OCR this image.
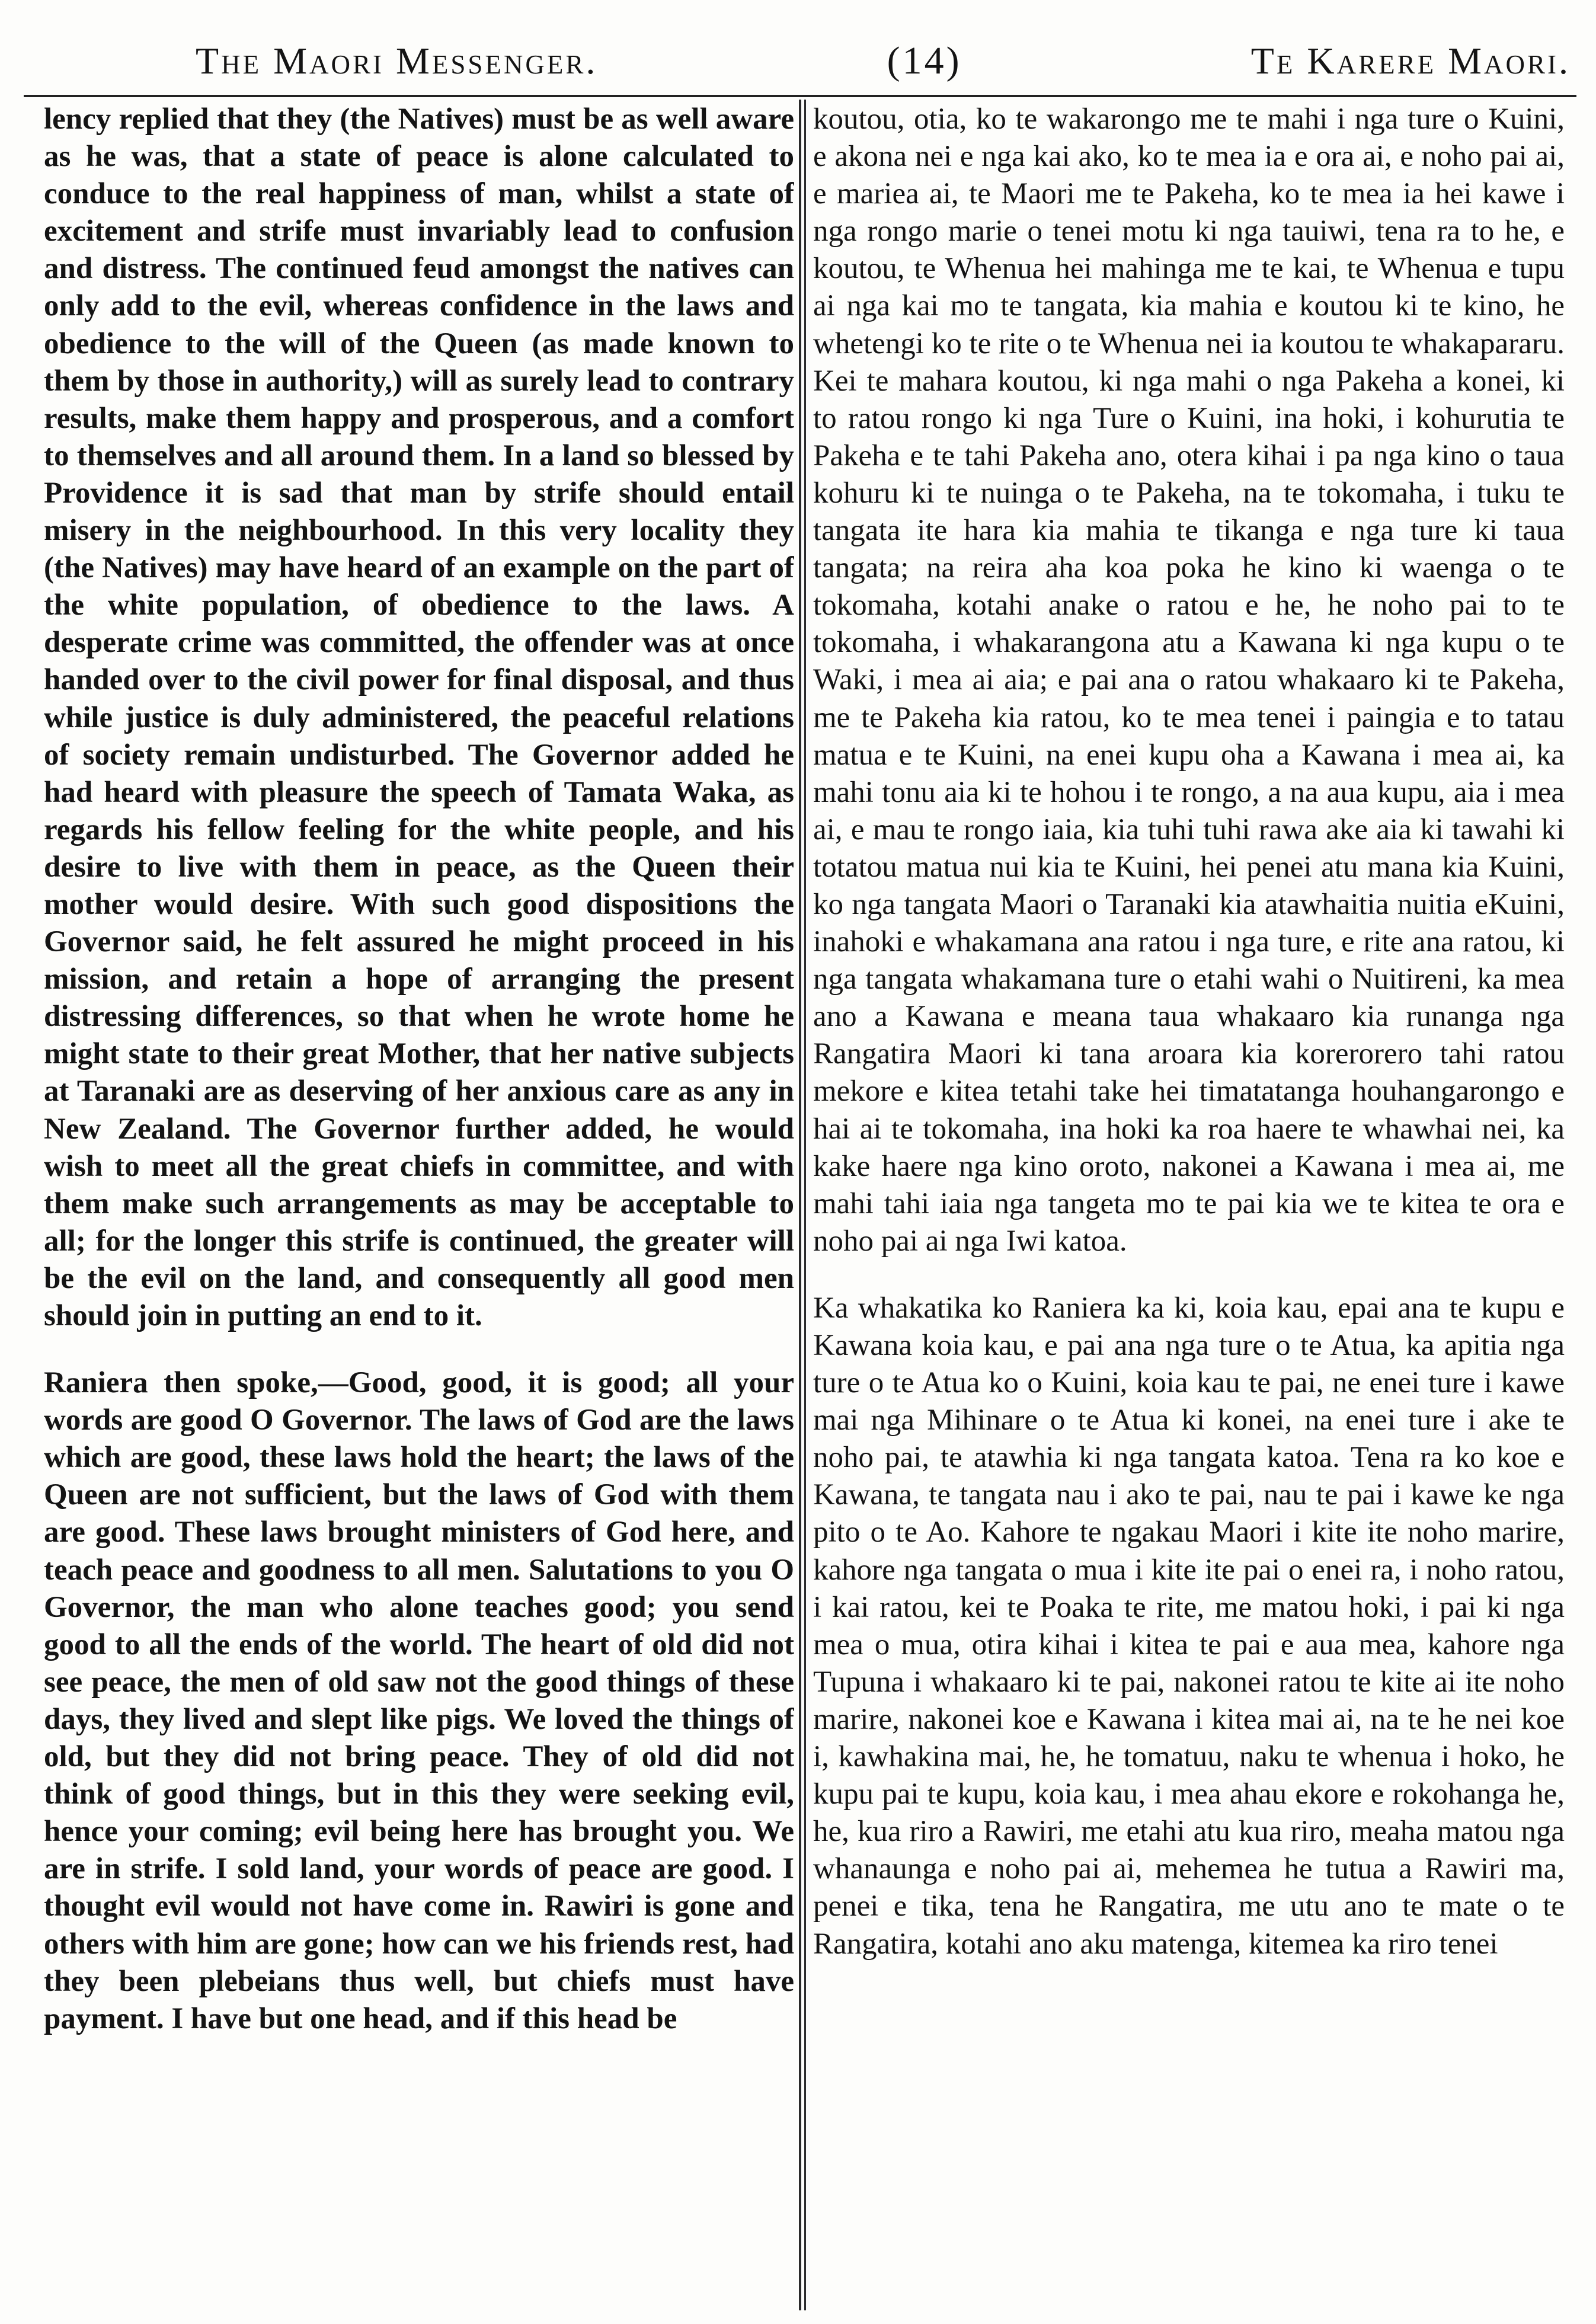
The Maori Messenger.	(14)	Te Karere Maori.

lency replied that they (the Natives) must be as well aware as he was, that a state of peace is alone calculated to conduce to the real happiness of man, whilst a state of excitement and strife must invariably lead to confusion and distress. The continued feud amongst the natives can only add to the evil, whereas confidence in the laws and obedience to the will of the Queen (as made known to them by those in authority,) will as surely lead to contrary results, make them happy and prosperous, and a comfort to themselves and all around them. In a land so blessed by Providence it is sad that man by strife should entail misery in the neighbourhood. In this very locality they (the Natives) may have heard of an example on the part of the white population, of obedience to the laws. A desperate crime was committed, the offender was at once handed over to the civil power for final disposal, and thus while justice is duly administered, the peaceful relations of society remain undisturbed. The Governor added he had heard with pleasure the speech of Tamata Waka, as regards his fellow feeling for the white people, and his desire to live with them in peace, as the Queen their mother would desire. With such good dispositions the Governor said, he felt assured he might proceed in his mission, and retain a hope of arranging the present distressing differences, so that when he wrote home he might state to their great Mother, that her native subjects at Taranaki are as deserving of her anxious care as any in New Zealand. The Governor further added, he would wish to meet all the great chiefs in committee, and with them make such arrangements as may be acceptable to all; for the longer this strife is continued, the greater will be the evil on the land, and consequently all good men should join in putting an end to it.

Raniera then spoke,—Good, good, it is good; all your words are good O Governor. The laws of God are the laws which are good, these laws hold the heart; the laws of the Queen are not sufficient, but the laws of God with them are good. These laws brought ministers of God here, and teach peace and goodness to all men. Salutations to you O Governor, the man who alone teaches good; you send good to all the ends of the world. The heart of old did not see peace, the men of old saw not the good things of these days, they lived and slept like pigs. We loved the things of old, but they did not bring peace. They of old did not think of good things, but in this they were seeking evil, hence your coming; evil being here has brought you. We are in strife. I sold land, your words of peace are good. I thought evil would not have come in. Rawiri is gone and others with him are gone; how can we his friends rest, had they been plebeians thus well, but chiefs must have payment. I have but one head, and if this head be

koutou, otia, ko te wakarongo me te mahi i nga ture o Kuini, e akona nei e nga kai ako, ko te mea ia e ora ai, e noho pai ai, e mariea ai, te Maori me te Pakeha, ko te mea ia hei kawe i nga rongo marie o tenei motu ki nga tauiwi, tena ra to he, e koutou, te Whenua hei mahinga me te kai, te Whenua e tupu ai nga kai mo te tangata, kia mahia e koutou ki te kino, he whetengi ko te rite o te Whenua nei ia koutou te whakapararu. Kei te mahara koutou, ki nga mahi o nga Pakeha a konei, ki to ratou rongo ki nga Ture o Kuini, ina hoki, i kohurutia te Pakeha e te tahi Pakeha ano, otera kihai i pa nga kino o taua kohuru ki te nuinga o te Pakeha, na te tokomaha, i tuku te tangata ite hara kia mahia te tikanga e nga ture ki taua tangata; na reira aha koa poka he kino ki waenga o te tokomaha, kotahi anake o ratou e he, he noho pai to te tokomaha, i whakarangona atu a Kawana ki nga kupu o te Waki, i mea ai aia; e pai ana o ratou whakaaro ki te Pakeha, me te Pakeha kia ratou, ko te mea tenei i paingia e to tatau matua e te Kuini, na enei kupu oha a Kawana i mea ai, ka mahi tonu aia ki te hohou i te rongo, a na aua kupu, aia i mea ai, e mau te rongo iaia, kia tuhi tuhi rawa ake aia ki tawahi ki totatou matua nui kia te Kuini, hei penei atu mana kia Kuini, ko nga tangata Maori o Taranaki kia atawhaitia nuitia eKuini, inahoki e whakamana ana ratou i nga ture, e rite ana ratou, ki nga tangata whakamana ture o etahi wahi o Nuitireni, ka mea ano a Kawana e meana taua whakaaro kia runanga nga Rangatira Maori ki tana aroara kia korerorero tahi ratou mekore e kitea tetahi take hei timatatanga houhangarongo e hai ai te tokomaha, ina hoki ka roa haere te whawhai nei, ka kake haere nga kino oroto, nakonei a Kawana i mea ai, me mahi tahi iaia nga tangeta mo te pai kia we te kitea te ora e noho pai ai nga Iwi katoa.

Ka whakatika ko Raniera ka ki, koia kau, epai ana te kupu e Kawana koia kau, e pai ana nga ture o te Atua, ka apitia nga ture o te Atua ko o Kuini, koia kau te pai, ne enei ture i kawe mai nga Mihinare o te Atua ki konei, na enei ture i ake te noho pai, te atawhia ki nga tangata katoa. Tena ra ko koe e Kawana, te tangata nau i ako te pai, nau te pai i kawe ke nga pito o te Ao. Kahore te ngakau Maori i kite ite noho marire, kahore nga tangata o mua i kite ite pai o enei ra, i noho ratou, i kai ratou, kei te Poaka te rite, me matou hoki, i pai ki nga mea o mua, otira kihai i kitea te pai e aua mea, kahore nga Tupuna i whakaaro ki te pai, nakonei ratou te kite ai ite noho marire, nakonei koe e Kawana i kitea mai ai, na te he nei koe i, kawhakina mai, he, he tomatuu, naku te whenua i hoko, he kupu pai te kupu, koia kau, i mea ahau ekore e rokohanga he, he, kua riro a Rawiri, me etahi atu kua riro, meaha matou nga whanaunga e noho pai ai, mehemea he tutua a Rawiri ma, penei e tika, tena he Rangatira, me utu ano te mate o te Rangatira, kotahi ano aku matenga, kitemea ka riro tenei
